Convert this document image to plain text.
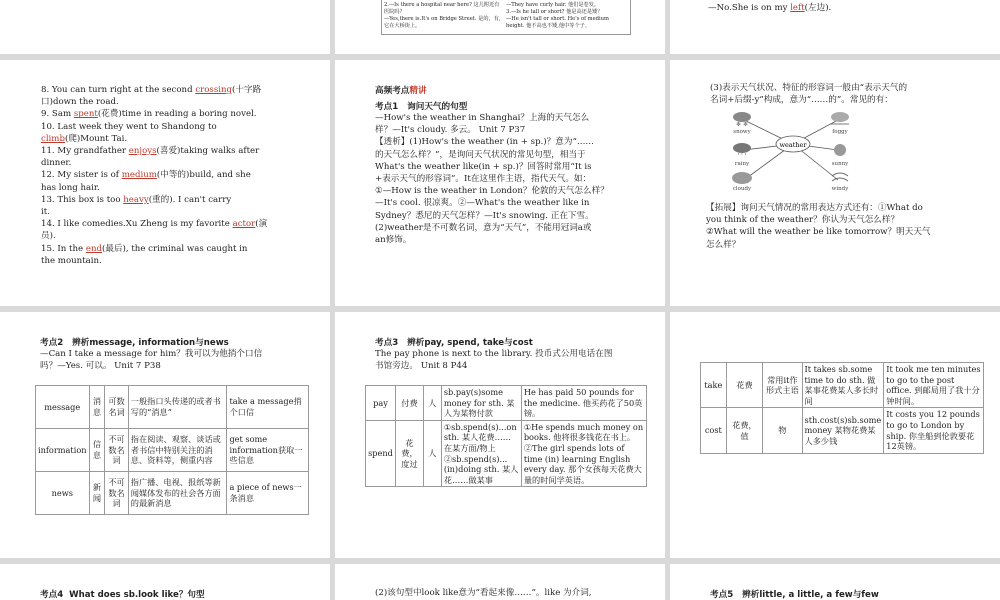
2.—Is there a hospital near here? 这儿附近有医院吗？
—Yes,there is.It's on Bridge Street. 是的，有,它在大桥街上。
—They have curly hair. 他们是卷发。
3.—Is he tall or short? 他是高还是矮？
—He isn't tall or short. He's of medium height. 他不高也不矮,他中等个子。
—No.She is on my left(左边).
8. You can turn right at the second crossing(十字路
口)down the road.
9. Sam spent(花费)time in reading a boring novel.
10. Last week they went to Shandong to
climb(爬)Mount Tai.
11. My grandfather enjoys(喜爱)taking walks after
dinner.
12. My sister is of medium(中等的)build, and she
has long hair.
13. This box is too heavy(重的). I can't carry
it.
14. I like comedies.Xu Zheng is my favorite actor(演
员).
15. In the end(最后), the criminal was caught in
the mountain.
高频考点精讲
考点1 询问天气的句型
—How's the weather in Shanghai？上海的天气怎么
样？—It's cloudy. 多云。 Unit 7 P37
【透析】(1)How's the weather (in + sp.)？意为“……
的天气怎么样？”，是询问天气状况的常见句型，相当于
What's the weather like(in + sp.)？回答时常用“It is
+表示天气的形容词”。It在这里作主语，指代天气。如：
①—How is the weather in London？伦敦的天气怎么样？
—It's cool. 很凉爽。②—What's the weather like in
Sydney？悉尼的天气怎样？—It's snowing. 正在下雪。
(2)weather是不可数名词，意为“天气”，不能用冠词a或
an修饰。
(3)表示天气状况、特征的形容词一般由“表示天气的
名词+后缀-y”构成，意为“……的”。常见的有：
weather
❄ ❄
' ' '
snowy	foggy
rainy	sunny
cloudy	windy
【拓展】询问天气情况的常用表达方式还有：①What do
you think of the weather？你认为天气怎么样？
②What will the weather be like tomorrow？明天天气
怎么样？
考点2 辨析message, information与news
—Can I take a message for him？我可以为他捎个口信
吗？—Yes. 可以。 Unit 7 P38
message	消息	可数名词	一般指口头传递的或者书写的“消息”	take a message捎个口信
information	信息	不可数名词	指在阅读、观察、谈话或者书信中特别关注的消息、资料等，侧重内容	get some information获取一些信息
news	新闻	不可数名词	指广播、电视、报纸等新闻媒体发布的社会各方面的最新消息	a piece of news一条消息
考点3 辨析pay, spend, take与cost
The pay phone is next to the library. 投币式公用电话在图
书馆旁边。 Unit 8 P44
pay	付费	人	sb.pay(s)some money for sth. 某人为某物付款	He has paid 50 pounds for the medicine. 他买药花了50英镑。
spend	花费，度过	人	①sb.spend(s)...on sth. 某人花费……在某方面/物上 ②sb.spend(s)...(in)doing sth. 某人花……做某事	①He spends much money on books. 他将很多钱花在书上。 ②The girl spends lots of time (in) learning English every day. 那个女孩每天花费大量的时间学英语。
take	花费	常用it作形式主语	It takes sb.some time to do sth. 做某事花费某人多长时间	It took me ten minutes to go to the post office. 到邮局用了我十分钟时间。
cost	花费，值	物	sth.cost(s)sb.some money 某物花费某人多少钱	It costs you 12 pounds to go to London by ship. 你坐船到伦敦要花12英镑。
考点4 What does sb.look like？句型	(2)该句型中look like意为“看起来像……”。like 为介词,	考点5 辨析little, a little, a few与few
